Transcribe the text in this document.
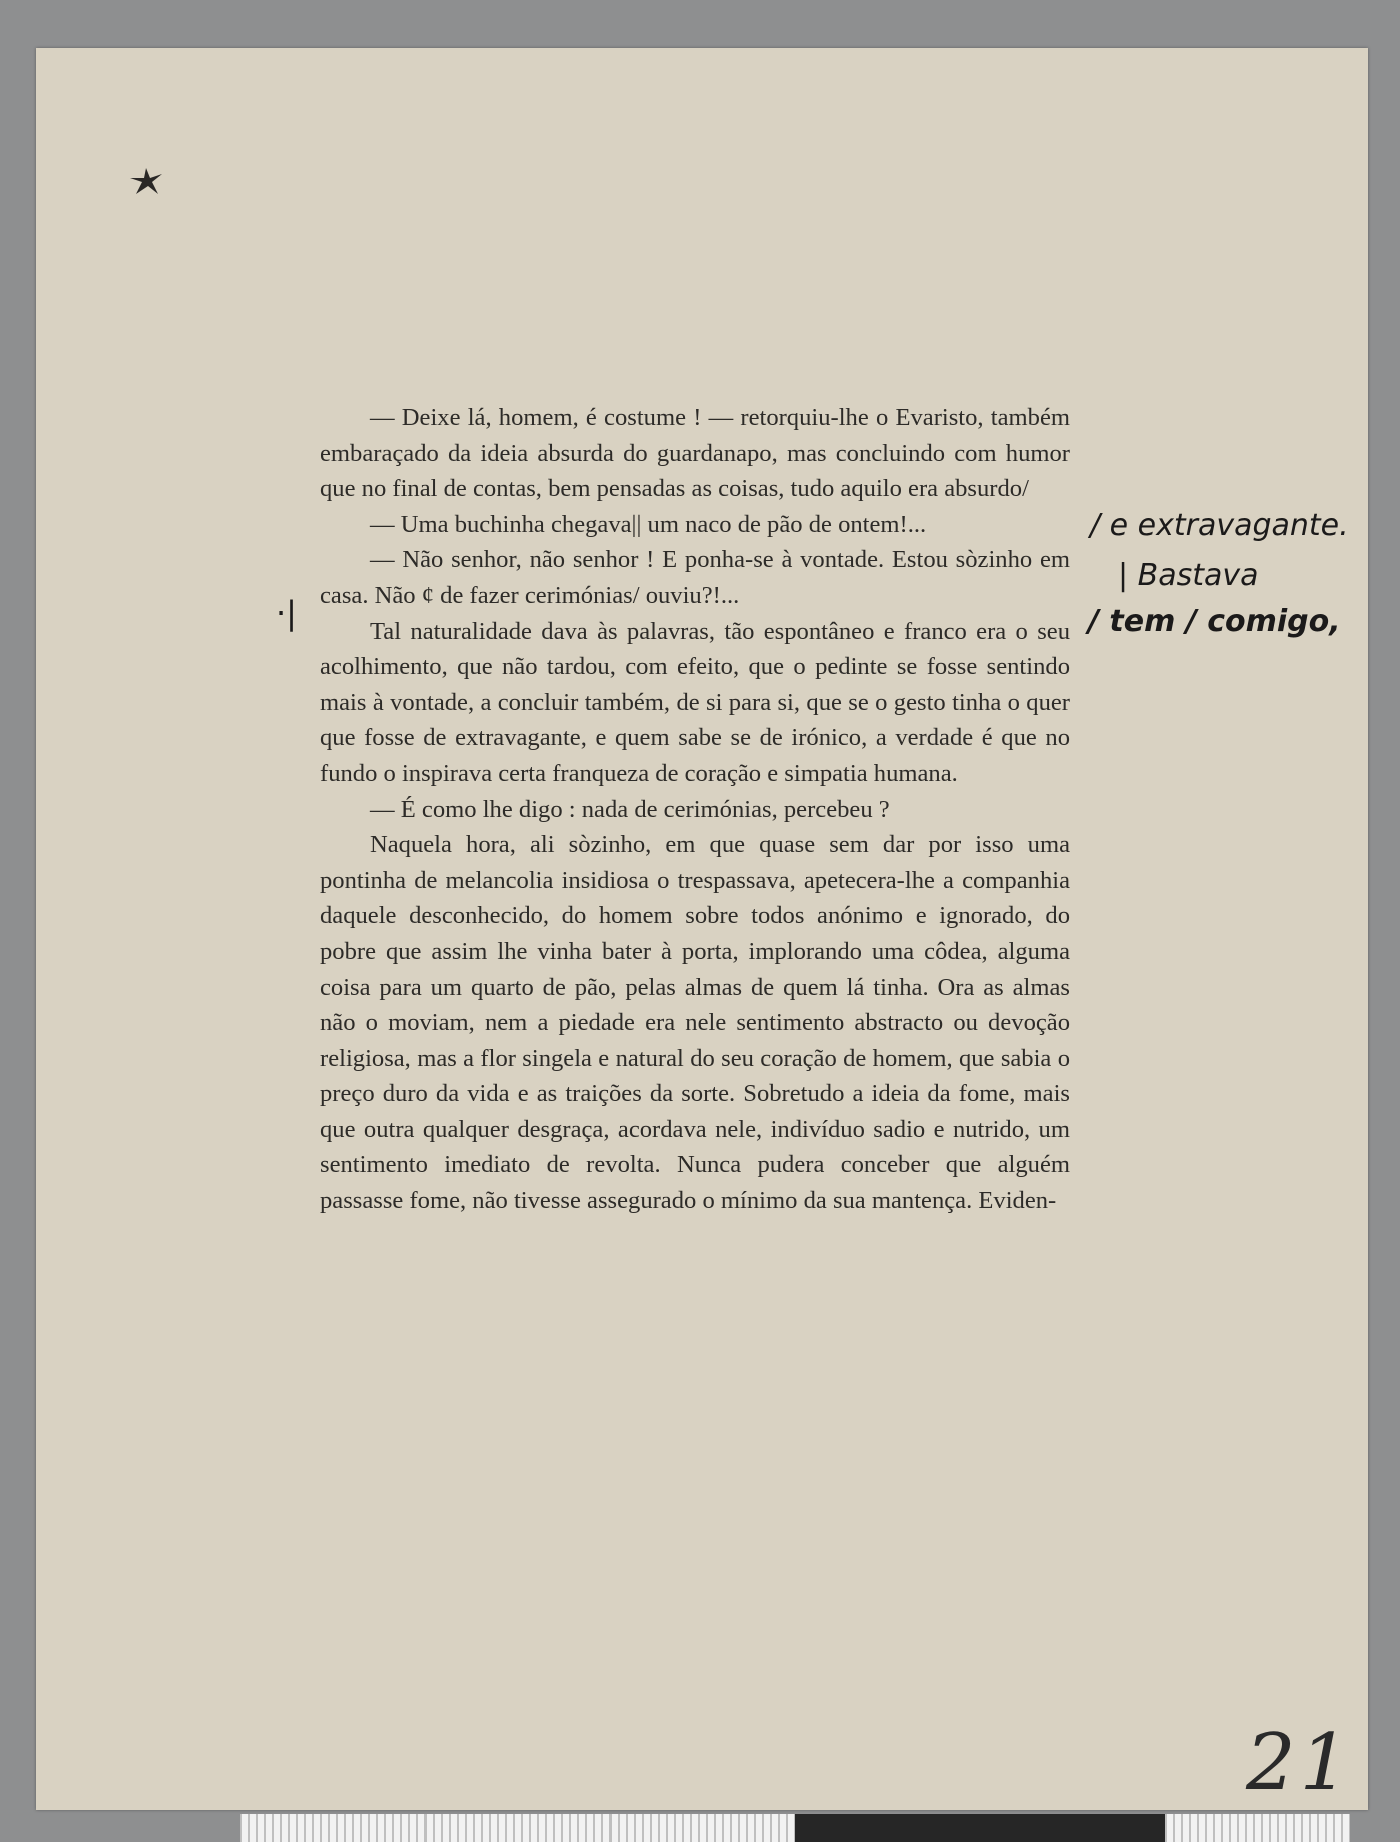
— Deixe lá, homem, é costume ! — retorquiu-lhe o Evaristo, também embaraçado da ideia absurda do guardanapo, mas concluindo com humor que no final de contas, bem pensadas as coisas, tudo aquilo era absurdo/

— Uma buchinha chegava|| um naco de pão de ontem!...

— Não senhor, não senhor ! E ponha-se à vontade. Estou sòzinho em casa. Não ¢ de fazer cerimónias/ ouviu?!...

Tal naturalidade dava às palavras, tão espontâneo e franco era o seu acolhimento, que não tardou, com efeito, que o pedinte se fosse sentindo mais à vontade, a concluir também, de si para si, que se o gesto tinha o quer que fosse de extravagante, e quem sabe se de irónico, a verdade é que no fundo o inspirava certa franqueza de coração e simpatia humana.

— É como lhe digo : nada de cerimónias, percebeu ?

Naquela hora, ali sòzinho, em que quase sem dar por isso uma pontinha de melancolia insidiosa o trespassava, apetecera-lhe a companhia daquele desconhecido, do homem sobre todos anónimo e ignorado, do pobre que assim lhe vinha bater à porta, implorando uma côdea, alguma coisa para um quarto de pão, pelas almas de quem lá tinha. Ora as almas não o moviam, nem a piedade era nele sentimento abstracto ou devoção religiosa, mas a flor singela e natural do seu coração de homem, que sabia o preço duro da vida e as traições da sorte. Sobretudo a ideia da fome, mais que outra qualquer desgraça, acordava nele, indivíduo sadio e nutrido, um sentimento imediato de revolta. Nunca pudera conceber que alguém passasse fome, não tivesse assegurado o mínimo da sua mantença. Eviden-

/ e extravagante.
| Bastava
/ tem / comigo,
·|
21
